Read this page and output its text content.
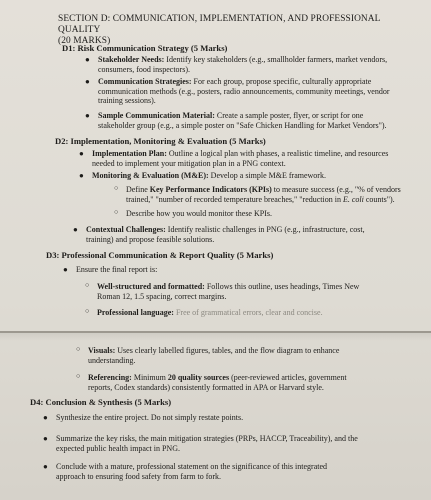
SECTION D: COMMUNICATION, IMPLEMENTATION, AND PROFESSIONAL QUALITY

(20 MARKS)

D1: Risk Communication Strategy (5 Marks)
● Stakeholder Needs: Identify key stakeholders (e.g., smallholder farmers, market vendors,

consumers, food inspectors).

● Communication Strategies: For each group, propose specific, culturally appropriate

communication methods (e.g., posters, radio announcements, community meetings, vendor

training sessions).

● Sample Communication Material: Create a sample poster, flyer, or script for one

stakeholder group (e.g., a simple poster on "Safe Chicken Handling for Market Vendors").

D2: Implementation, Monitoring & Evaluation (5 Marks)
● Implementation Plan: Outline a logical plan with phases, a realistic timeline, and resources

needed to implement your mitigation plan in a PNG context.

● Monitoring & Evaluation (M&E): Develop a simple M&E framework.

○ Define Key Performance Indicators (KPIs) to measure success (e.g., "% of vendors

trained," "number of recorded temperature breaches," "reduction in E. coli counts").

○ Describe how you would monitor these KPIs.

● Contextual Challenges: Identify realistic challenges in PNG (e.g., infrastructure, cost,

training) and propose feasible solutions.

D3: Professional Communication & Report Quality (5 Marks)
● Ensure the final report is:

○ Well-structured and formatted: Follows this outline, uses headings, Times New

Roman 12, 1.5 spacing, correct margins.

○ Professional language: Free of grammatical errors, clear and concise.

○ Visuals: Uses clearly labelled figures, tables, and the flow diagram to enhance

understanding.

○ Referencing: Minimum 20 quality sources (peer-reviewed articles, government

reports, Codex standards) consistently formatted in APA or Harvard style.

D4: Conclusion & Synthesis (5 Marks)
● Synthesize the entire project. Do not simply restate points.

● Summarize the key risks, the main mitigation strategies (PRPs, HACCP, Traceability), and the

expected public health impact in PNG.

● Conclude with a mature, professional statement on the significance of this integrated

approach to ensuring food safety from farm to fork.
